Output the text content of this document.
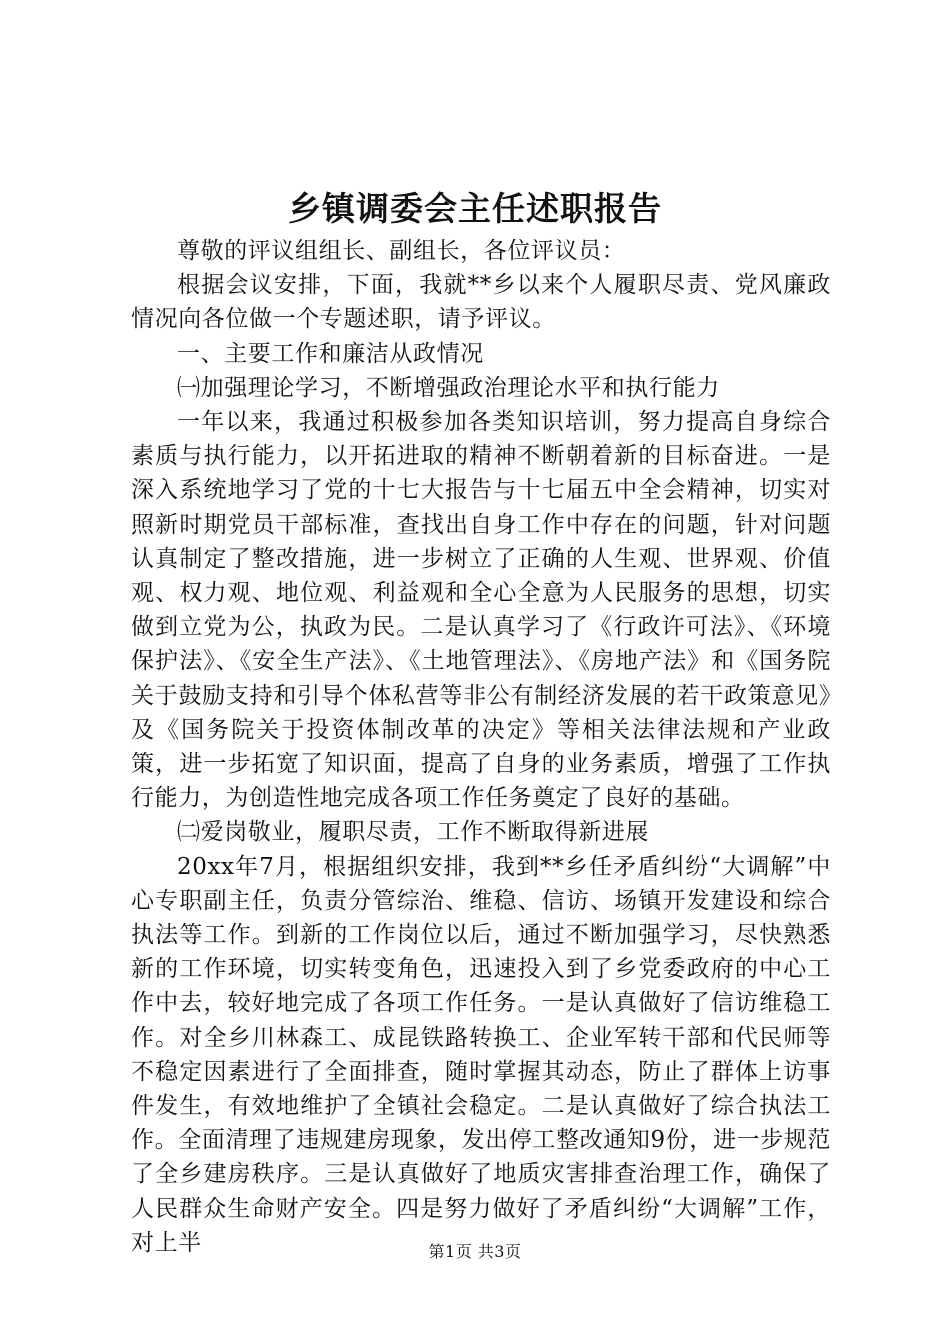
乡镇调委会主任述职报告

尊敬的评议组组长、副组长，各位评议员：

根据会议安排，下面，我就**乡以来个人履职尽责、党风廉政情况向各位做一个专题述职，请予评议。

一、主要工作和廉洁从政情况

㈠加强理论学习，不断增强政治理论水平和执行能力

一年以来，我通过积极参加各类知识培训，努力提高自身综合素质与执行能力，以开拓进取的精神不断朝着新的目标奋进。一是深入系统地学习了党的十七大报告与十七届五中全会精神，切实对照新时期党员干部标准，查找出自身工作中存在的问题，针对问题认真制定了整改措施，进一步树立了正确的人生观、世界观、价值观、权力观、地位观、利益观和全心全意为人民服务的思想，切实做到立党为公，执政为民。二是认真学习了《行政许可法》、《环境保护法》、《安全生产法》、《土地管理法》、《房地产法》和《国务院关于鼓励支持和引导个体私营等非公有制经济发展的若干政策意见》及《国务院关于投资体制改革的决定》等相关法律法规和产业政策，进一步拓宽了知识面，提高了自身的业务素质，增强了工作执行能力，为创造性地完成各项工作任务奠定了良好的基础。

㈡爱岗敬业，履职尽责，工作不断取得新进展

20xx年7月，根据组织安排，我到**乡任矛盾纠纷“大调解”中心专职副主任，负责分管综治、维稳、信访、场镇开发建设和综合执法等工作。到新的工作岗位以后，通过不断加强学习，尽快熟悉新的工作环境，切实转变角色，迅速投入到了乡党委政府的中心工作中去，较好地完成了各项工作任务。一是认真做好了信访维稳工作。对全乡川林森工、成昆铁路转换工、企业军转干部和代民师等不稳定因素进行了全面排查，随时掌握其动态，防止了群体上访事件发生，有效地维护了全镇社会稳定。二是认真做好了综合执法工作。全面清理了违规建房现象，发出停工整改通知9份，进一步规范了全乡建房秩序。三是认真做好了地质灾害排查治理工作，确保了人民群众生命财产安全。四是努力做好了矛盾纠纷“大调解”工作，对上半	第1页 共3页
